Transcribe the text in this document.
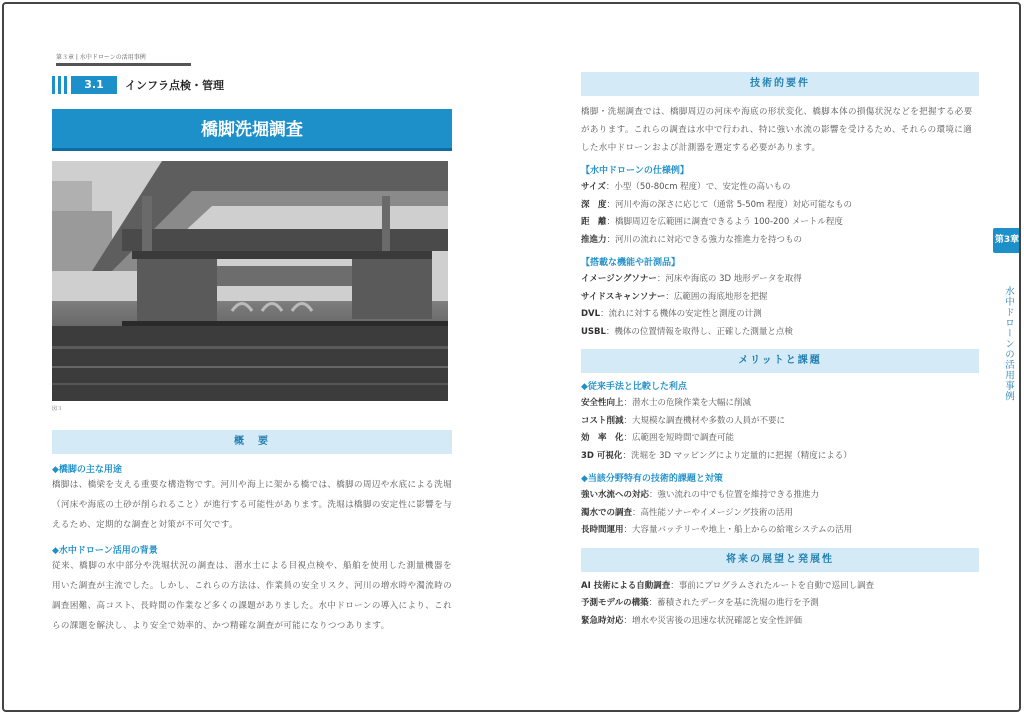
第３章 | 水中ドローンの活用事例
3.1	インフラ点検・管理
橋脚洗堀調査
図３
概　要
◆橋脚の主な用途
橋脚は、橋梁を支える重要な構造物です。河川や海上に架かる橋では、橋脚の周辺や水底による洗堀（河床や海底の土砂が削られること）が進行する可能性があります。洗堀は橋脚の安定性に影響を与えるため、定期的な調査と対策が不可欠です。
◆水中ドローン活用の背景
従来、橋脚の水中部分や洗堀状況の調査は、潜水士による目視点検や、船舶を使用した測量機器を用いた調査が主流でした。しかし、これらの方法は、作業員の安全リスク、河川の増水時や濁流時の調査困難、高コスト、長時間の作業など多くの課題がありました。水中ドローンの導入により、これらの課題を解決し、より安全で効率的、かつ精確な調査が可能になりつつあります。
技術的要件
橋脚・洗堀調査では、橋脚周辺の河床や海底の形状変化、橋脚本体の損傷状況などを把握する必要があります。これらの調査は水中で行われ、特に強い水流の影響を受けるため、それらの環境に適した水中ドローンおよび計測器を選定する必要があります。
【水中ドローンの仕様例】
サイズ：小型（50-80cm 程度）で、安定性の高いもの
深　度：河川や海の深さに応じて（通常 5-50m 程度）対応可能なもの
距　離：橋脚周辺を広範囲に調査できるよう 100-200 メートル程度
推進力：河川の流れに対応できる強力な推進力を持つもの
【搭載な機能や計測品】
イメージングソナー：河床や海底の 3D 地形データを取得
サイドスキャンソナー：広範囲の海底地形を把握
DVL：流れに対する機体の安定性と測度の计测
USBL：機体の位置情報を取得し、正確した測量と点検
メリットと課題
◆従来手法と比較した利点
安全性向上：潜水士の危険作業を大幅に削減
コスト削減：大規模な調査機材や多数の人員が不要に
効　率　化：広範囲を短時間で調査可能
3D 可視化：洗堀を 3D マッピングにより定量的に把握（精度による）
◆当該分野特有の技術的課題と対策
強い水流への対応：強い流れの中でも位置を維持できる推進力
濁水での調査：高性能ソナーやイメージング技術の活用
長時間運用：大容量バッテリーや地上・船上からの給電システムの活用
将来の展望と発展性
AI 技術による自動調査：事前にプログラムされたルートを自動で巡回し調査
予測モデルの構築：蓄積されたデータを基に洗堀の進行を予測
緊急時対応：増水や災害後の迅速な状況確認と安全性評価
第3章
水中ドローンの活用事例
